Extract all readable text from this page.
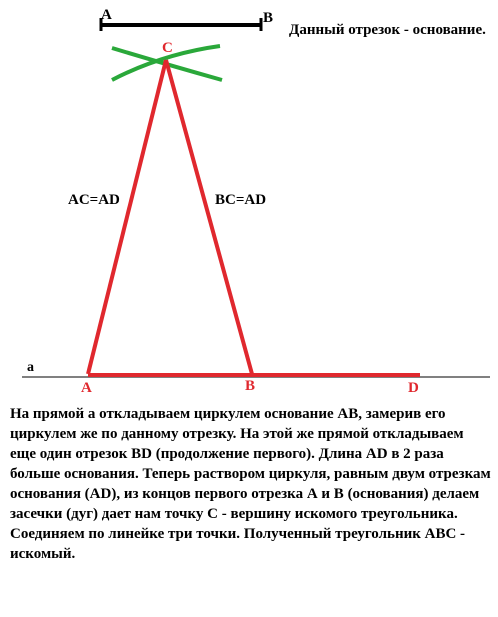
A	B
a
C
A	B	D
AC=AD	BC=AD
Данный отрезок - основание.

На прямой а откладываем циркулем основание АВ, замерив его циркулем же по данному отрезку. На этой же прямой откладываем еще один отрезок BD (продолжение первого). Длина AD в 2 раза больше основания. Теперь раствором циркуля, равным двум отрезкам основания (AD), из концов первого отрезка А и В (основания) делаем засечки (дуг) дает нам точку С - вершину искомого треугольника. Соединяем по линейке три точки. Полученный треугольник АВС - искомый.
